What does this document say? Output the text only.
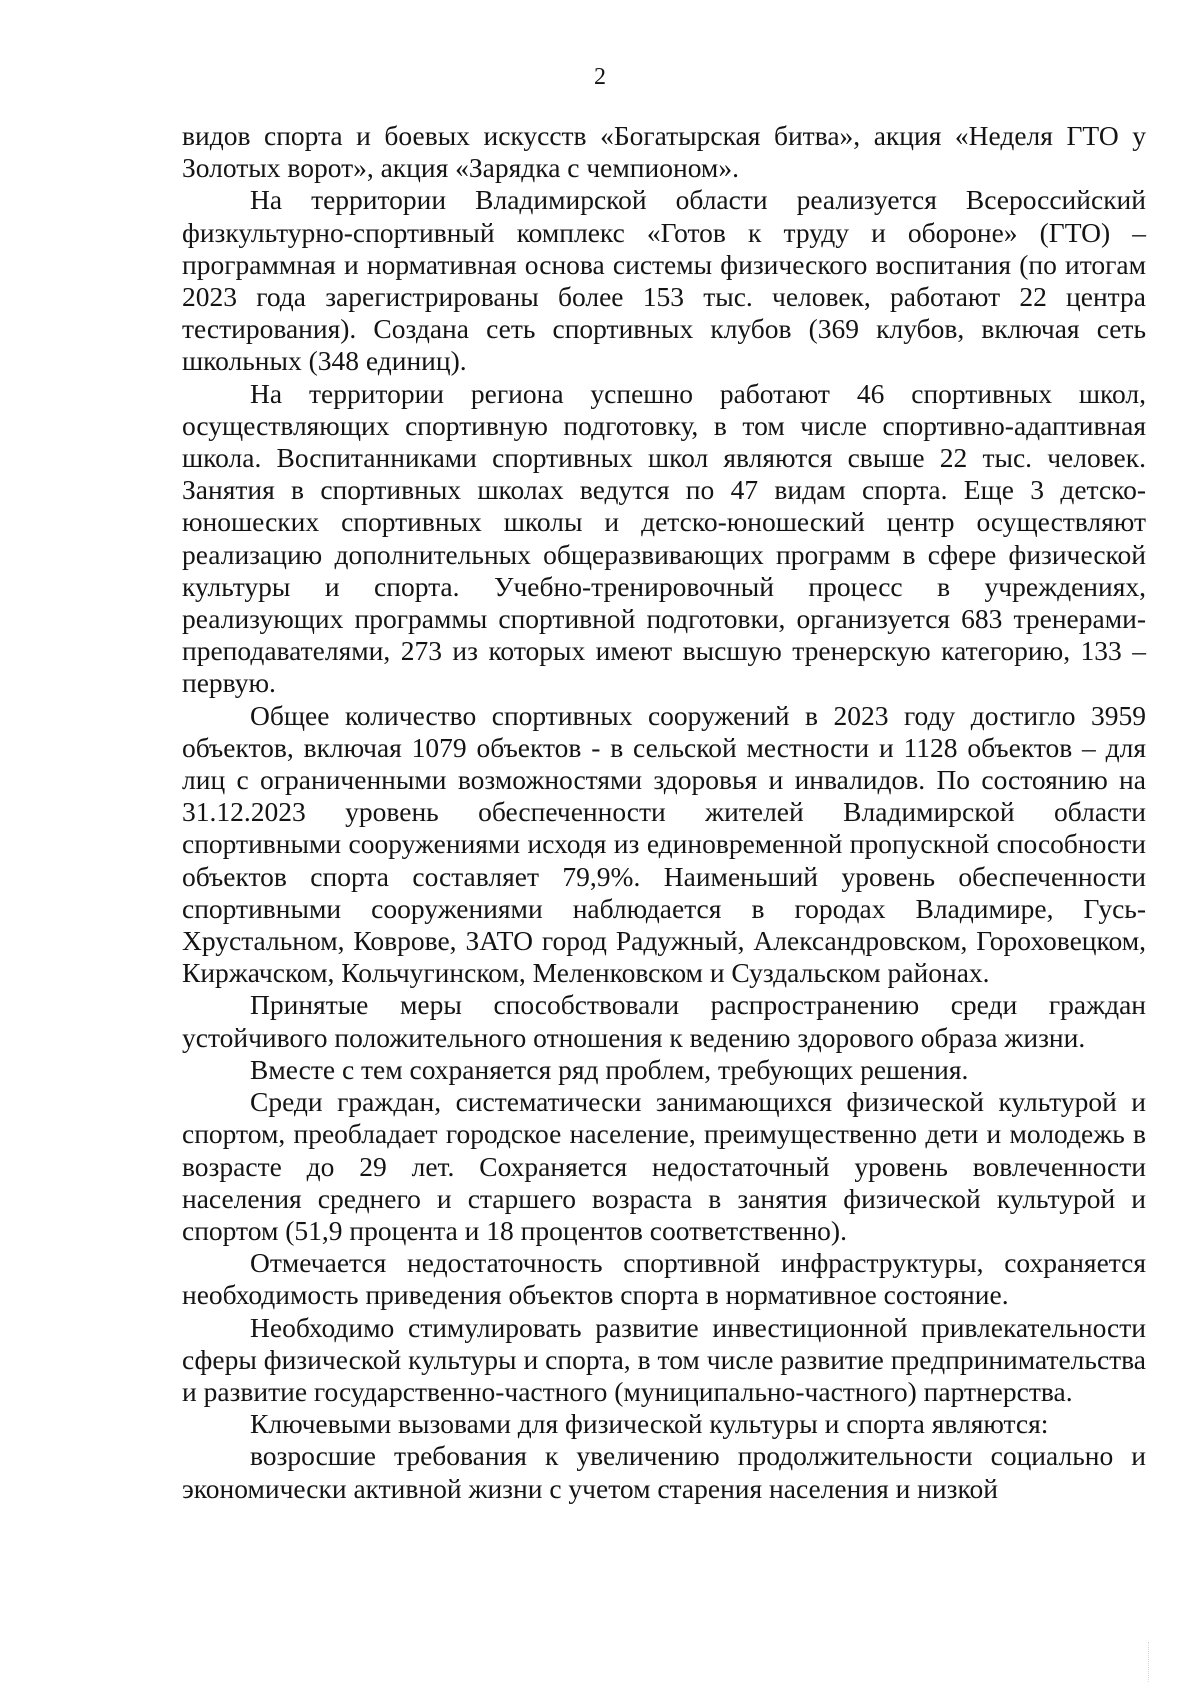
2

видов спорта и боевых искусств «Богатырская битва», акция «Неделя ГТО у Золотых ворот», акция «Зарядка с чемпионом».

На территории Владимирской области реализуется Всероссийский физкультурно-спортивный комплекс «Готов к труду и обороне» (ГТО) – программная и нормативная основа системы физического воспитания (по итогам 2023 года зарегистрированы более 153 тыс. человек, работают 22 центра тестирования). Создана сеть спортивных клубов (369 клубов, включая сеть школьных (348 единиц).

На территории региона успешно работают 46 спортивных школ, осуществляющих спортивную подготовку, в том числе спортивно-адаптивная школа. Воспитанниками спортивных школ являются свыше 22 тыс. человек. Занятия в спортивных школах ведутся по 47 видам спорта. Еще 3 детско-юношеских спортивных школы и детско-юношеский центр осуществляют реализацию дополнительных общеразвивающих программ в сфере физической культуры и спорта. Учебно-тренировочный процесс в учреждениях, реализующих программы спортивной подготовки, организуется 683 тренерами-преподавателями, 273 из которых имеют высшую тренерскую категорию, 133 – первую.

Общее количество спортивных сооружений в 2023 году достигло 3959 объектов, включая 1079 объектов - в сельской местности и 1128 объектов – для лиц с ограниченными возможностями здоровья и инвалидов. По состоянию на 31.12.2023 уровень обеспеченности жителей Владимирской области спортивными сооружениями исходя из единовременной пропускной способности объектов спорта составляет 79,9%. Наименьший уровень обеспеченности спортивными сооружениями наблюдается в городах Владимире, Гусь-Хрустальном, Коврове, ЗАТО город Радужный, Александровском, Гороховецком, Киржачском, Кольчугинском, Меленковском и Суздальском районах.

Принятые меры способствовали распространению среди граждан устойчивого положительного отношения к ведению здорового образа жизни.

Вместе с тем сохраняется ряд проблем, требующих решения.

Среди граждан, систематически занимающихся физической культурой и спортом, преобладает городское население, преимущественно дети и молодежь в возрасте до 29 лет. Сохраняется недостаточный уровень вовлеченности населения среднего и старшего возраста в занятия физической культурой и спортом (51,9 процента и 18 процентов соответственно).

Отмечается недостаточность спортивной инфраструктуры, сохраняется необходимость приведения объектов спорта в нормативное состояние.

Необходимо стимулировать развитие инвестиционной привлекательности сферы физической культуры и спорта, в том числе развитие предпринимательства и развитие государственно-частного (муниципально-частного) партнерства.

Ключевыми вызовами для физической культуры и спорта являются:

возросшие требования к увеличению продолжительности социально и экономически активной жизни с учетом старения населения и низкой
